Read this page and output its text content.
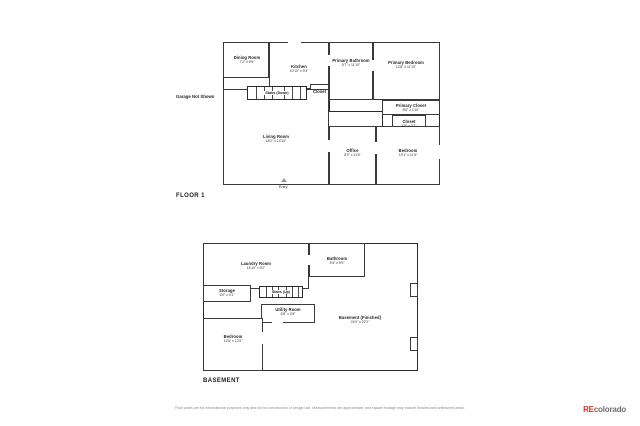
Garage Not Shown
FLOOR 1
Stairs (Down)
Dining Room
7'2" x 9'8"
Kitchen
10'10" x 9'4"
Closet
Primary Bathroom
5'7" x 11'10"
Primary Bedroom
12'8" x 11'10"
Primary Closet
8'6" x 1'10"
Closet
4'8" x 2'2"
Living Room
18'2" x 14'10"
Office
8'3" x 11'6"
Bedroom
10'1" x 11'6"
Entry
BASEMENT
Stairs (Up)
Laundry Room
14'10" x 9'2"
Bathroom
5'3" x 5'9"
Storage
6'0" x 4'1"
Utility Room
6'8" x 2'8"
Basement (Finished)
24'0" x 22'2"
Bedroom
12'6" x 12'0"
Floor plans are for informational purposes only and not for construction or design use. Measurements are approximate, and square footage may include finished and unfinished areas.	REcolorado
